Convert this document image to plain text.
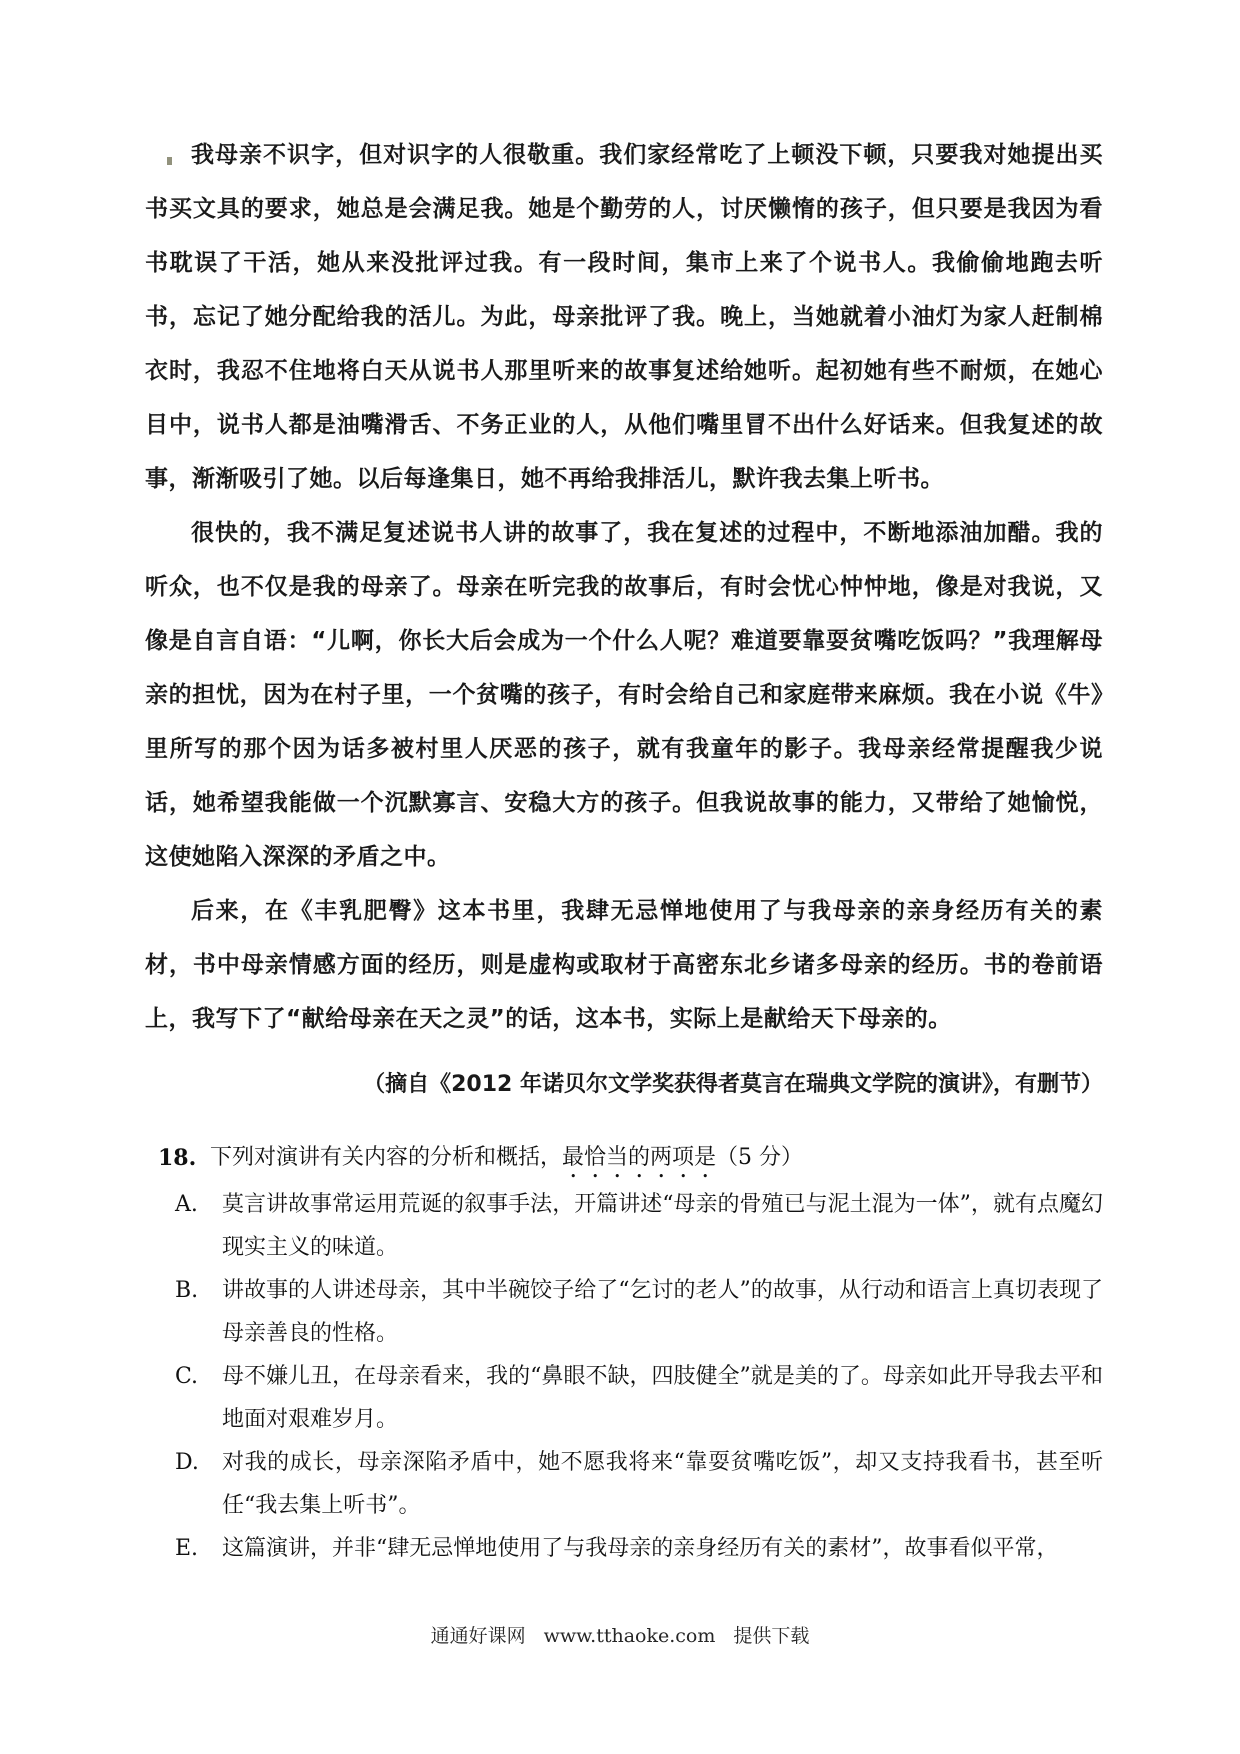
我母亲不识字，但对识字的人很敬重。我们家经常吃了上顿没下顿，只要我对她提出买书买文具的要求，她总是会满足我。她是个勤劳的人，讨厌懒惰的孩子，但只要是我因为看书耽误了干活，她从来没批评过我。有一段时间，集市上来了个说书人。我偷偷地跑去听书，忘记了她分配给我的活儿。为此，母亲批评了我。晚上，当她就着小油灯为家人赶制棉衣时，我忍不住地将白天从说书人那里听来的故事复述给她听。起初她有些不耐烦，在她心目中，说书人都是油嘴滑舌、不务正业的人，从他们嘴里冒不出什么好话来。但我复述的故事，渐渐吸引了她。以后每逢集日，她不再给我排活儿，默许我去集上听书。

很快的，我不满足复述说书人讲的故事了，我在复述的过程中，不断地添油加醋。我的听众，也不仅是我的母亲了。母亲在听完我的故事后，有时会忧心忡忡地，像是对我说，又像是自言自语：“儿啊，你长大后会成为一个什么人呢？难道要靠耍贫嘴吃饭吗？”我理解母亲的担忧，因为在村子里，一个贫嘴的孩子，有时会给自己和家庭带来麻烦。我在小说《牛》里所写的那个因为话多被村里人厌恶的孩子，就有我童年的影子。我母亲经常提醒我少说话，她希望我能做一个沉默寡言、安稳大方的孩子。但我说故事的能力，又带给了她愉悦，这使她陷入深深的矛盾之中。

后来，在《丰乳肥臀》这本书里，我肆无忌惮地使用了与我母亲的亲身经历有关的素材，书中母亲情感方面的经历，则是虚构或取材于高密东北乡诸多母亲的经历。书的卷前语上，我写下了“献给母亲在天之灵”的话，这本书，实际上是献给天下母亲的。

（摘自《2012 年诺贝尔文学奖获得者莫言在瑞典文学院的演讲》，有删节）
18. 下列对演讲有关内容的分析和概括，最恰当的两项是（5 分）
A.	莫言讲故事常运用荒诞的叙事手法，开篇讲述“母亲的骨殖已与泥土混为一体”，就有点魔幻现实主义的味道。
B.	讲故事的人讲述母亲，其中半碗饺子给了“乞讨的老人”的故事，从行动和语言上真切表现了母亲善良的性格。
C.	母不嫌儿丑，在母亲看来，我的“鼻眼不缺，四肢健全”就是美的了。母亲如此开导我去平和地面对艰难岁月。
D.	对我的成长，母亲深陷矛盾中，她不愿我将来“靠耍贫嘴吃饭”，却又支持我看书，甚至听任“我去集上听书”。
E.	这篇演讲，并非“肆无忌惮地使用了与我母亲的亲身经历有关的素材”，故事看似平常，
通通好课网 www.tthaoke.com 提供下载
